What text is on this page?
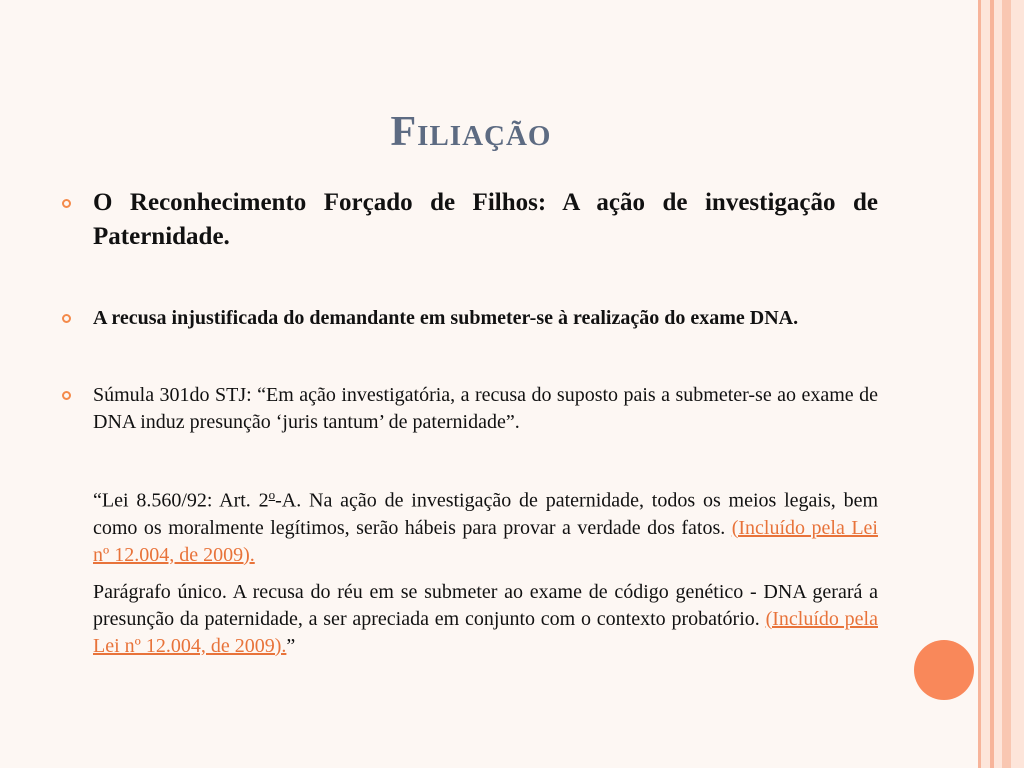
Filiação
O Reconhecimento Forçado de Filhos: A ação de investigação de Paternidade.
A recusa injustificada do demandante em submeter-se à realização do exame DNA.
Súmula 301do STJ: “Em ação investigatória, a recusa do suposto pais a submeter-se ao exame de DNA induz presunção ‘juris tantum’ de paternidade”.
“Lei 8.560/92: Art. 2$^o$-A. Na ação de investigação de paternidade, todos os meios legais, bem como os moralmente legítimos, serão hábeis para provar a verdade dos fatos. (Incluído pela Lei nº 12.004, de 2009).
Parágrafo único. A recusa do réu em se submeter ao exame de código genético - DNA gerará a presunção da paternidade, a ser apreciada em conjunto com o contexto probatório. (Incluído pela Lei nº 12.004, de 2009).”
